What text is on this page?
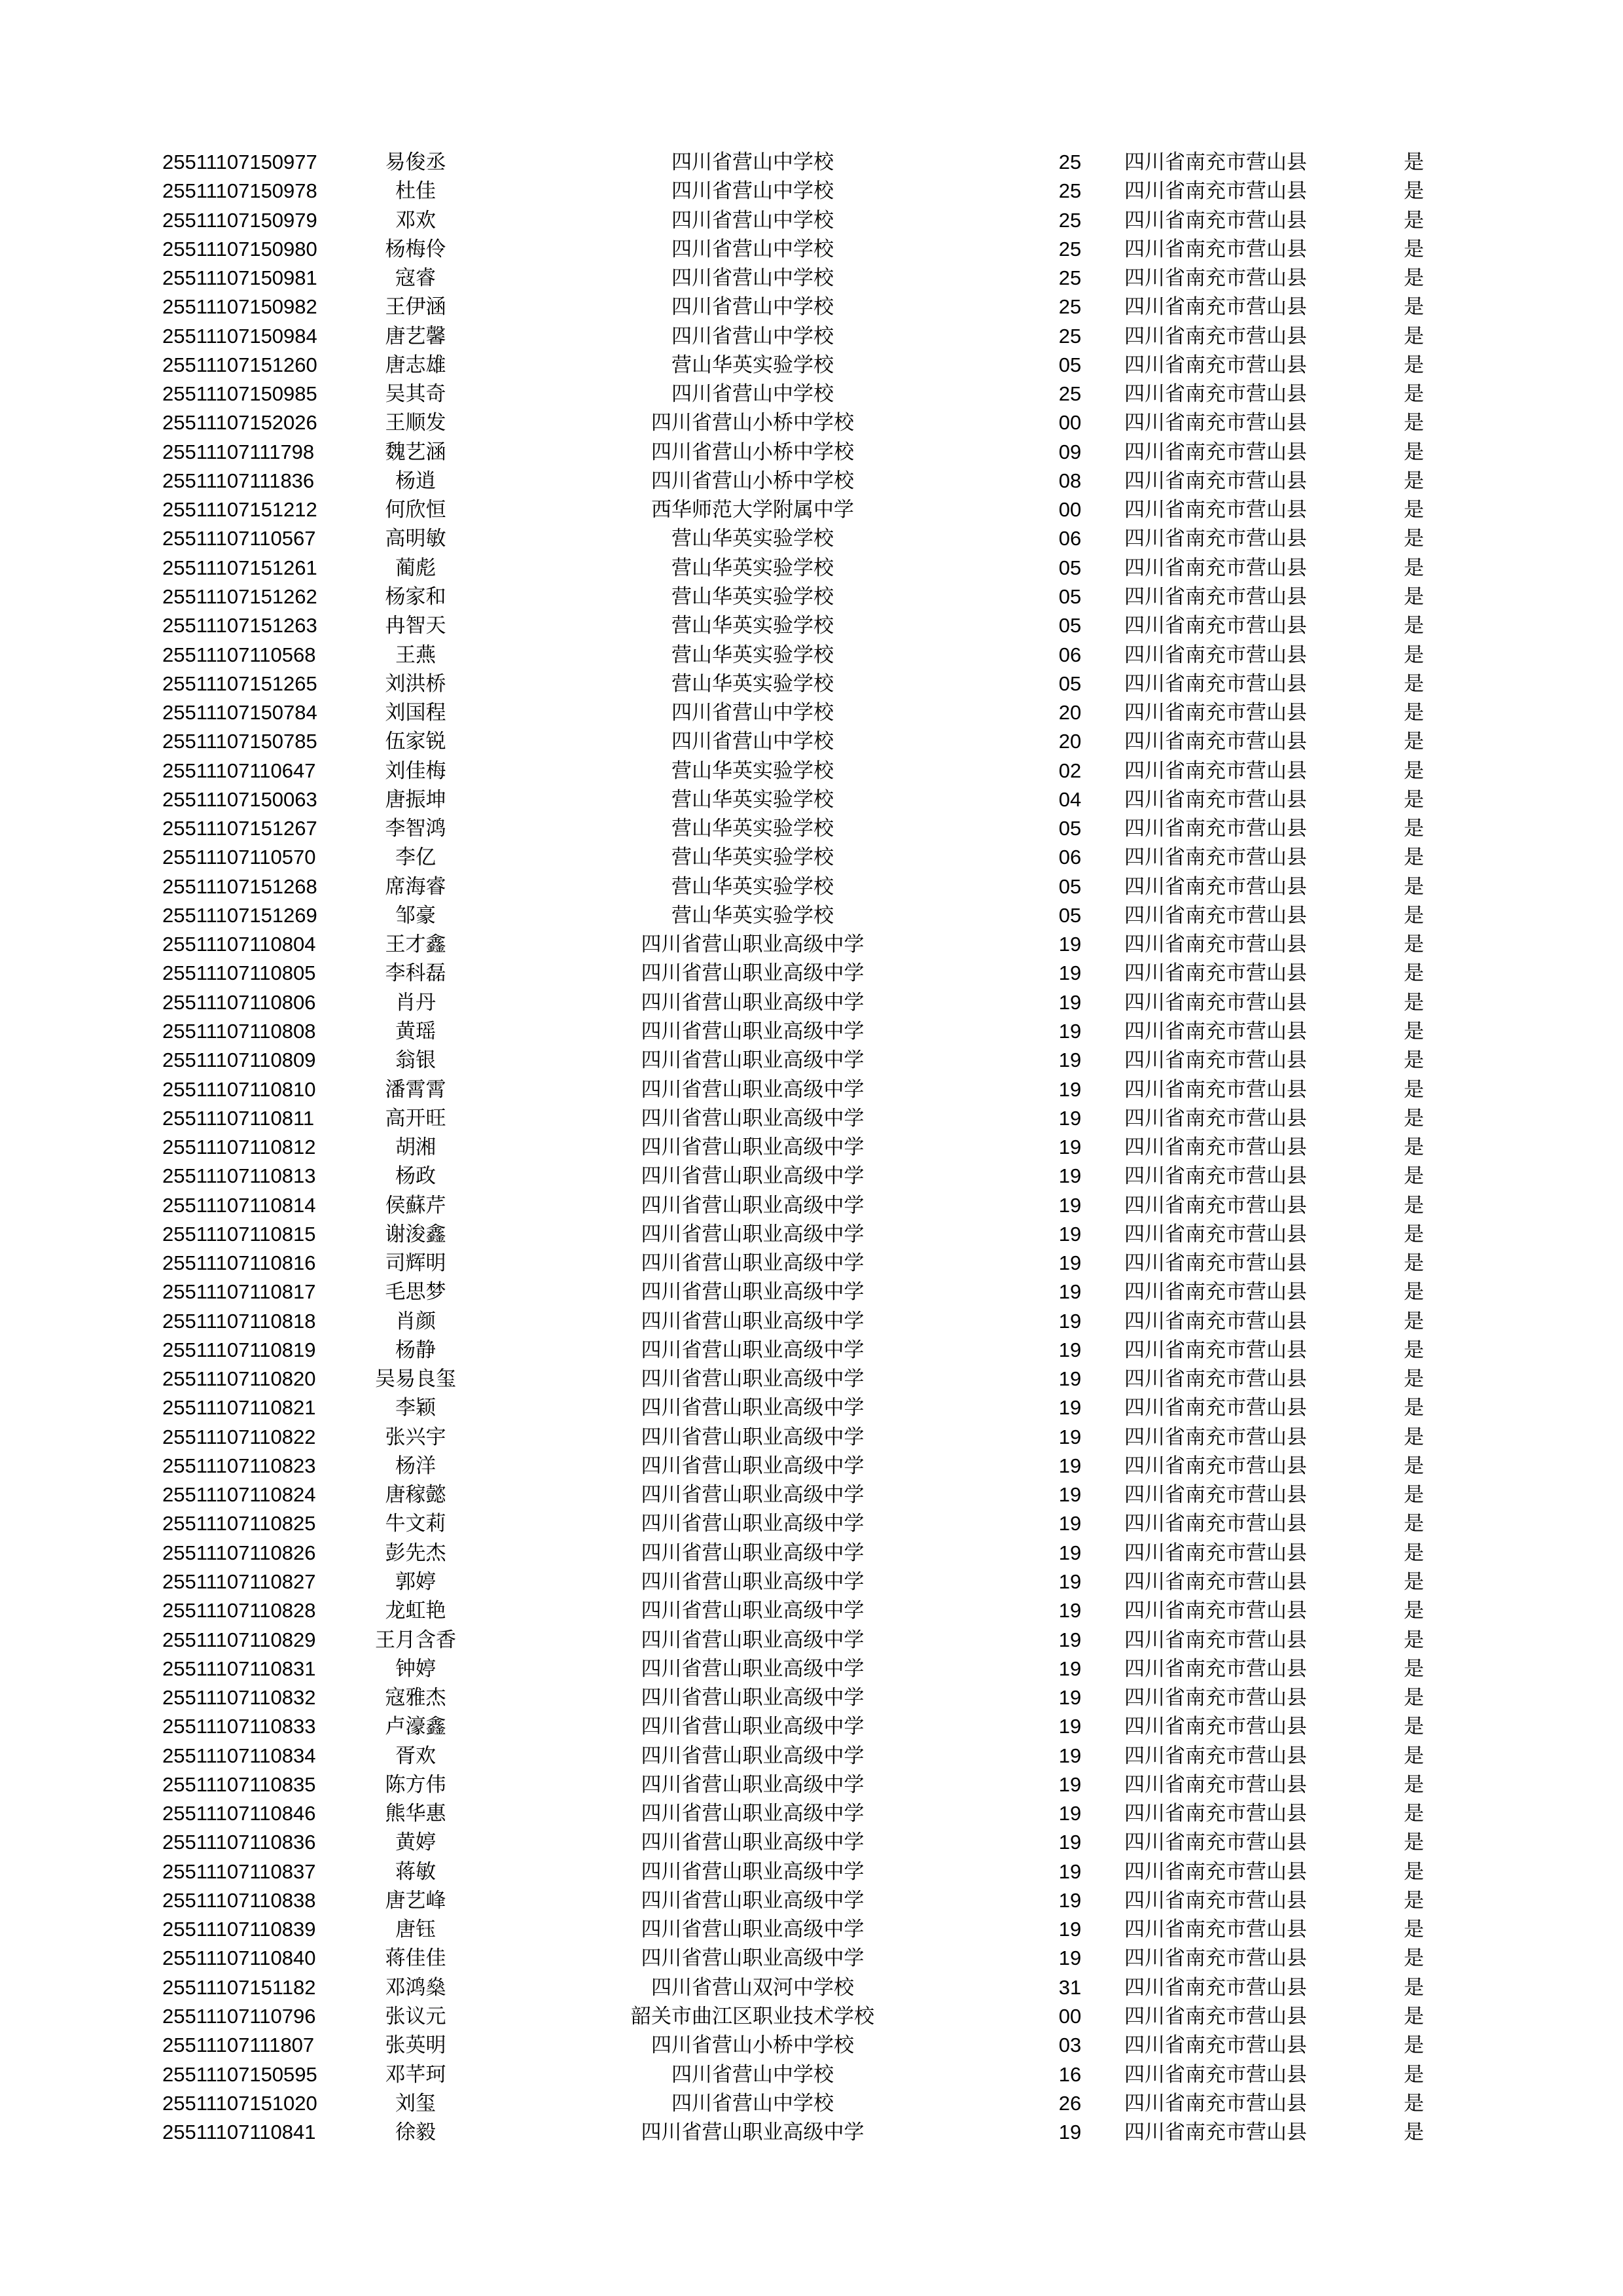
25511107150977	易俊丞	四川省营山中学校	25	四川省南充市营山县	是
25511107150978	杜佳	四川省营山中学校	25	四川省南充市营山县	是
25511107150979	邓欢	四川省营山中学校	25	四川省南充市营山县	是
25511107150980	杨梅伶	四川省营山中学校	25	四川省南充市营山县	是
25511107150981	寇睿	四川省营山中学校	25	四川省南充市营山县	是
25511107150982	王伊涵	四川省营山中学校	25	四川省南充市营山县	是
25511107150984	唐艺馨	四川省营山中学校	25	四川省南充市营山县	是
25511107151260	唐志雄	营山华英实验学校	05	四川省南充市营山县	是
25511107150985	吴其奇	四川省营山中学校	25	四川省南充市营山县	是
25511107152026	王顺发	四川省营山小桥中学校	00	四川省南充市营山县	是
25511107111798	魏艺涵	四川省营山小桥中学校	09	四川省南充市营山县	是
25511107111836	杨逍	四川省营山小桥中学校	08	四川省南充市营山县	是
25511107151212	何欣恒	西华师范大学附属中学	00	四川省南充市营山县	是
25511107110567	高明敏	营山华英实验学校	06	四川省南充市营山县	是
25511107151261	蔺彪	营山华英实验学校	05	四川省南充市营山县	是
25511107151262	杨家和	营山华英实验学校	05	四川省南充市营山县	是
25511107151263	冉智天	营山华英实验学校	05	四川省南充市营山县	是
25511107110568	王燕	营山华英实验学校	06	四川省南充市营山县	是
25511107151265	刘洪桥	营山华英实验学校	05	四川省南充市营山县	是
25511107150784	刘国程	四川省营山中学校	20	四川省南充市营山县	是
25511107150785	伍家锐	四川省营山中学校	20	四川省南充市营山县	是
25511107110647	刘佳梅	营山华英实验学校	02	四川省南充市营山县	是
25511107150063	唐振坤	营山华英实验学校	04	四川省南充市营山县	是
25511107151267	李智鸿	营山华英实验学校	05	四川省南充市营山县	是
25511107110570	李亿	营山华英实验学校	06	四川省南充市营山县	是
25511107151268	席海睿	营山华英实验学校	05	四川省南充市营山县	是
25511107151269	邹豪	营山华英实验学校	05	四川省南充市营山县	是
25511107110804	王才鑫	四川省营山职业高级中学	19	四川省南充市营山县	是
25511107110805	李科磊	四川省营山职业高级中学	19	四川省南充市营山县	是
25511107110806	肖丹	四川省营山职业高级中学	19	四川省南充市营山县	是
25511107110808	黄瑶	四川省营山职业高级中学	19	四川省南充市营山县	是
25511107110809	翁银	四川省营山职业高级中学	19	四川省南充市营山县	是
25511107110810	潘霄霄	四川省营山职业高级中学	19	四川省南充市营山县	是
25511107110811	高开旺	四川省营山职业高级中学	19	四川省南充市营山县	是
25511107110812	胡湘	四川省营山职业高级中学	19	四川省南充市营山县	是
25511107110813	杨政	四川省营山职业高级中学	19	四川省南充市营山县	是
25511107110814	侯蘇芹	四川省营山职业高级中学	19	四川省南充市营山县	是
25511107110815	谢浚鑫	四川省营山职业高级中学	19	四川省南充市营山县	是
25511107110816	司辉明	四川省营山职业高级中学	19	四川省南充市营山县	是
25511107110817	毛思梦	四川省营山职业高级中学	19	四川省南充市营山县	是
25511107110818	肖颜	四川省营山职业高级中学	19	四川省南充市营山县	是
25511107110819	杨静	四川省营山职业高级中学	19	四川省南充市营山县	是
25511107110820	吴易良玺	四川省营山职业高级中学	19	四川省南充市营山县	是
25511107110821	李颖	四川省营山职业高级中学	19	四川省南充市营山县	是
25511107110822	张兴宇	四川省营山职业高级中学	19	四川省南充市营山县	是
25511107110823	杨洋	四川省营山职业高级中学	19	四川省南充市营山县	是
25511107110824	唐稼懿	四川省营山职业高级中学	19	四川省南充市营山县	是
25511107110825	牛文莉	四川省营山职业高级中学	19	四川省南充市营山县	是
25511107110826	彭先杰	四川省营山职业高级中学	19	四川省南充市营山县	是
25511107110827	郭婷	四川省营山职业高级中学	19	四川省南充市营山县	是
25511107110828	龙虹艳	四川省营山职业高级中学	19	四川省南充市营山县	是
25511107110829	王月含香	四川省营山职业高级中学	19	四川省南充市营山县	是
25511107110831	钟婷	四川省营山职业高级中学	19	四川省南充市营山县	是
25511107110832	寇雅杰	四川省营山职业高级中学	19	四川省南充市营山县	是
25511107110833	卢濠鑫	四川省营山职业高级中学	19	四川省南充市营山县	是
25511107110834	胥欢	四川省营山职业高级中学	19	四川省南充市营山县	是
25511107110835	陈方伟	四川省营山职业高级中学	19	四川省南充市营山县	是
25511107110846	熊华惠	四川省营山职业高级中学	19	四川省南充市营山县	是
25511107110836	黄婷	四川省营山职业高级中学	19	四川省南充市营山县	是
25511107110837	蒋敏	四川省营山职业高级中学	19	四川省南充市营山县	是
25511107110838	唐艺峰	四川省营山职业高级中学	19	四川省南充市营山县	是
25511107110839	唐钰	四川省营山职业高级中学	19	四川省南充市营山县	是
25511107110840	蒋佳佳	四川省营山职业高级中学	19	四川省南充市营山县	是
25511107151182	邓鸿燊	四川省营山双河中学校	31	四川省南充市营山县	是
25511107110796	张议元	韶关市曲江区职业技术学校	00	四川省南充市营山县	是
25511107111807	张英明	四川省营山小桥中学校	03	四川省南充市营山县	是
25511107150595	邓芊珂	四川省营山中学校	16	四川省南充市营山县	是
25511107151020	刘玺	四川省营山中学校	26	四川省南充市营山县	是
25511107110841	徐毅	四川省营山职业高级中学	19	四川省南充市营山县	是
